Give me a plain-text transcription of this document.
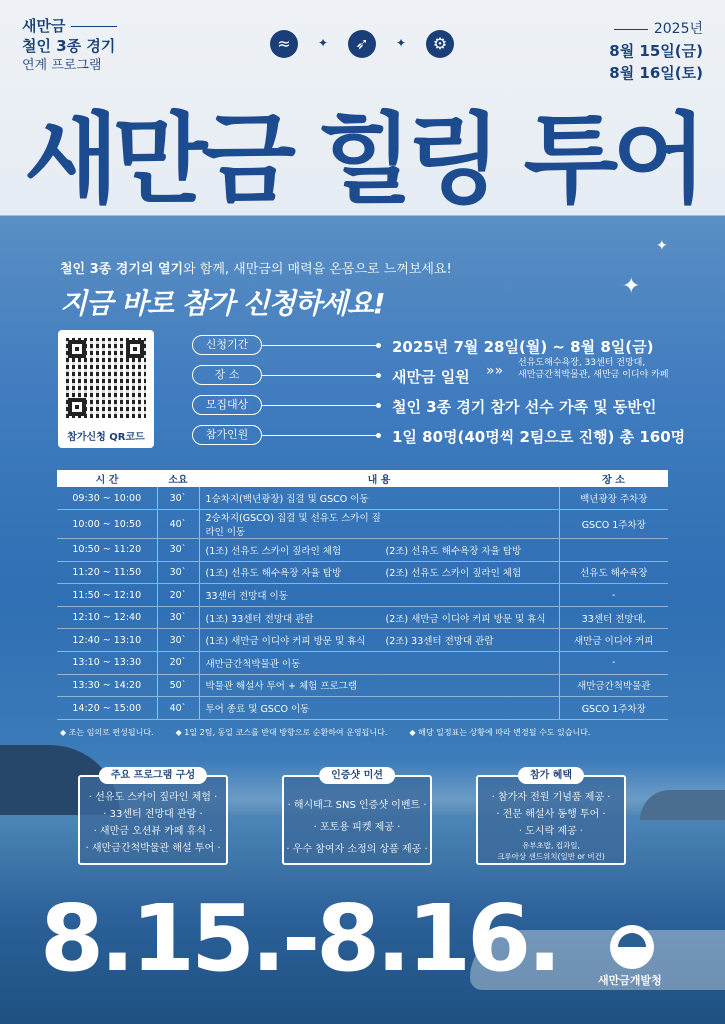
새만금
철인 3종 경기
연계 프로그램
2025년
8월 15일(금)
8월 16일(토)
≈	✦	➶	✦	⚙
새만금 힐링 투어
✦
✦
철인 3종 경기의 열기와 함께, 새만금의 매력을 온몸으로 느껴보세요!
지금 바로 참가 신청하세요!
참가신청 QR코드
신청기간	2025년 7월 28일(월) ~ 8월 8일(금)
장 소	새만금 일원 »» 선유도해수욕장, 33센터 전망대,
새만금간척박물관, 새만금 이디야 카페
모집대상	철인 3종 경기 참가 선수 가족 및 동반인
참가인원	1일 80명(40명씩 2팀으로 진행) 총 160명
시 간	소요	내 용	장 소
09:30 ~ 10:00	30`	1승차지(백년광장) 집결 및 GSCO 이동	백년광장 주차장
10:00 ~ 10:50	40`	2승차지(GSCO) 집결 및 선유도 스카이 짚라인 이동	GSCO 1주차장
10:50 ~ 11:20	30`	(1조) 선유도 스카이 짚라인 체험 (2조) 선유도 해수욕장 자율 탐방	
11:20 ~ 11:50	30`	(1조) 선유도 해수욕장 자율 탐방 (2조) 선유도 스카이 짚라인 체험	선유도 해수욕장
11:50 ~ 12:10	20`	33센터 전망대 이동	-
12:10 ~ 12:40	30`	(1조) 33센터 전망대 관람 (2조) 새만금 이디야 커피 방문 및 휴식	33센터 전망대,
12:40 ~ 13:10	30`	(1조) 새만금 이디야 커피 방문 및 휴식 (2조) 33센터 전망대 관람	새만금 이디야 커피
13:10 ~ 13:30	20`	새만금간척박물관 이동	-
13:30 ~ 14:20	50`	박물관 해설사 투어 + 체험 프로그램	새만금간척박물관
14:20 ~ 15:00	40`	투어 종료 및 GSCO 이동	GSCO 1주차장
◆ 조는 임의로 편성됩니다.	◆ 1일 2팀, 동일 코스를 반대 방향으로 순환하여 운영됩니다.	◆ 해당 일정표는 상황에 따라 변경될 수도 있습니다.
주요 프로그램 구성
· 선유도 스카이 짚라인 체험 ·
· 33센터 전망대 관람 ·
· 새만금 오션뷰 카페 휴식 ·
· 새만금간척박물관 해설 투어 ·
인증샷 미션
· 해시태그 SNS 인증샷 이벤트 ·
· 포토용 피켓 제공 ·
· 우수 참여자 소정의 상품 제공 ·
참가 혜택
· 참가자 전원 기념품 제공 ·
· 전문 해설사 동행 투어 ·
· 도시락 제공 ·
유부초밥, 컵과일,
크루아상 샌드위치(일반 or 비건)
8.15.-8.16.	새만금개발청
